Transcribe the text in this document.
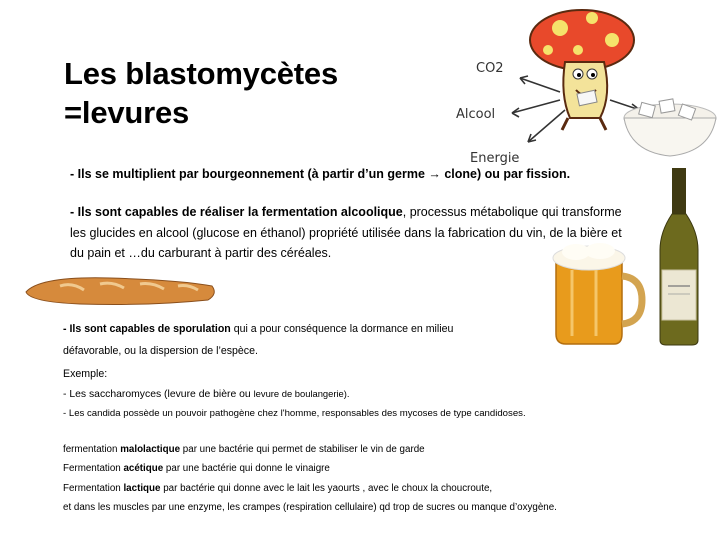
CO2
Alcool
Energie
Les blastomycètes
=levures
- Ils se multiplient par bourgeonnement (à partir d’un germe → clone) ou par fission.
- Ils sont capables de réaliser la fermentation alcoolique, processus métabolique qui transforme les glucides en alcool (glucose en éthanol) propriété utilisée dans la fabrication du vin, de la bière et du pain et …du carburant à partir des céréales.
- Ils sont capables de sporulation qui a pour conséquence la dormance en milieu
défavorable, ou la dispersion de l’espèce.
Exemple:
- Les saccharomyces (levure de bière ou levure de boulangerie).
- Les candida possède un pouvoir pathogène chez l'homme, responsables des mycoses de type candidoses.
fermentation malolactique par une bactérie qui permet de stabiliser le vin de garde
Fermentation acétique par une bactérie qui donne le vinaigre
Fermentation lactique par bactérie qui donne avec le lait les yaourts , avec le choux la choucroute,
et dans les muscles par une enzyme, les crampes (respiration cellulaire) qd trop de sucres ou manque d’oxygène.
